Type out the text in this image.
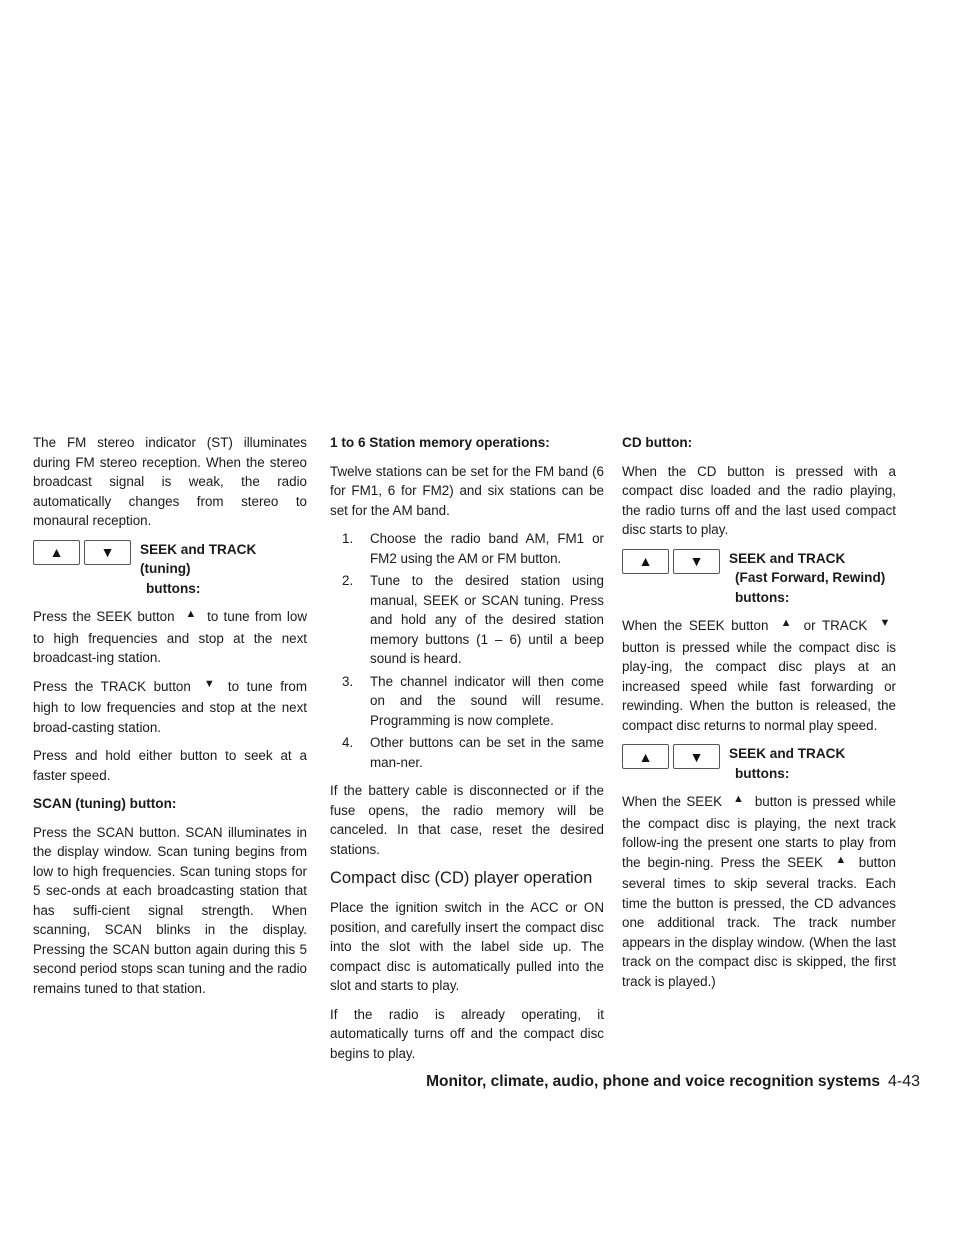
The FM stereo indicator (ST) illuminates during FM stereo reception. When the stereo broadcast signal is weak, the radio automatically changes from stereo to monaural reception.

▲	▼	SEEK and TRACK (tuning)
buttons:

Press the SEEK button ▲ to tune from low to high frequencies and stop at the next broadcast-ing station.

Press the TRACK button ▼ to tune from high to low frequencies and stop at the next broad-casting station.

Press and hold either button to seek at a faster speed.

SCAN (tuning) button:

Press the SCAN button. SCAN illuminates in the display window. Scan tuning begins from low to high frequencies. Scan tuning stops for 5 sec-onds at each broadcasting station that has suffi-cient signal strength. When scanning, SCAN blinks in the display. Pressing the SCAN button again during this 5 second period stops scan tuning and the radio remains tuned to that station.

1 to 6 Station memory operations:

Twelve stations can be set for the FM band (6 for FM1, 6 for FM2) and six stations can be set for the AM band.

1. Choose the radio band AM, FM1 or FM2 using the AM or FM button.
2. Tune to the desired station using manual, SEEK or SCAN tuning. Press and hold any of the desired station memory buttons (1 – 6) until a beep sound is heard.
3. The channel indicator will then come on and the sound will resume. Programming is now complete.
4. Other buttons can be set in the same man-ner.

If the battery cable is disconnected or if the fuse opens, the radio memory will be canceled. In that case, reset the desired stations.

Compact disc (CD) player operation

Place the ignition switch in the ACC or ON position, and carefully insert the compact disc into the slot with the label side up. The compact disc is automatically pulled into the slot and starts to play.

If the radio is already operating, it automatically turns off and the compact disc begins to play.

CD button:

When the CD button is pressed with a compact disc loaded and the radio playing, the radio turns off and the last used compact disc starts to play.

▲	▼	SEEK and TRACK
(Fast Forward, Rewind)
buttons:

When the SEEK button ▲ or TRACK ▼ button is pressed while the compact disc is play-ing, the compact disc plays at an increased speed while fast forwarding or rewinding. When the button is released, the compact disc returns to normal play speed.

▲	▼	SEEK and TRACK
buttons:

When the SEEK ▲ button is pressed while the compact disc is playing, the next track follow-ing the present one starts to play from the begin-ning. Press the SEEK ▲ button several times to skip several tracks. Each time the button is pressed, the CD advances one additional track. The track number appears in the display window. (When the last track on the compact disc is skipped, the first track is played.)

Monitor, climate, audio, phone and voice recognition systems 4-43
